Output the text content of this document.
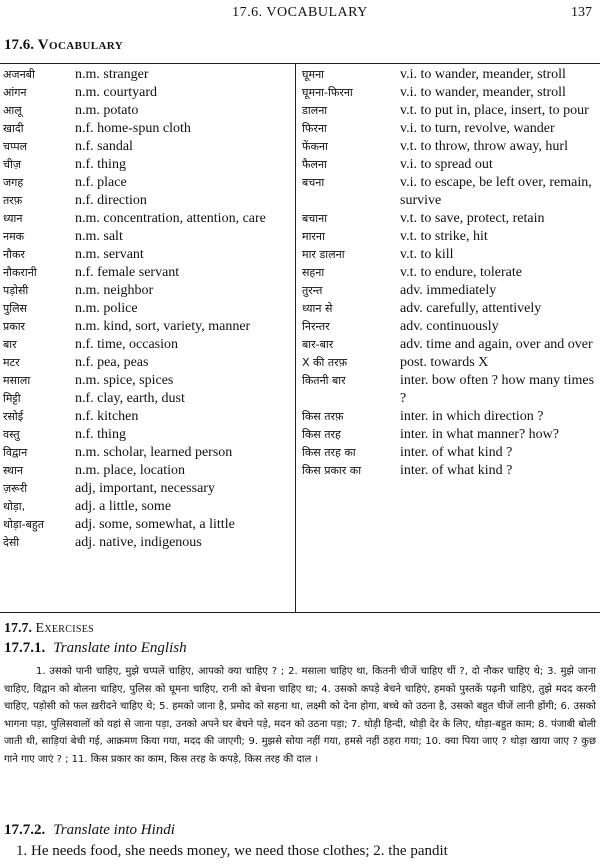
17.6. VOCABULARY	137
17.6. Vocabulary
अजनबी	n.m. stranger
आंगन	n.m. courtyard
आलू	n.m. potato
खादी	n.f. home-spun cloth
चप्पल	n.f. sandal
चीज़	n.f. thing
जगह	n.f. place
तरफ़	n.f. direction
ध्यान	n.m. concentration, attention, care
नमक	n.m. salt
नौकर	n.m. servant
नौकरानी	n.f. female servant
पड़ोसी	n.m. neighbor
पुलिस	n.m. police
प्रकार	n.m. kind, sort, variety, manner
बार	n.f. time, occasion
मटर	n.f. pea, peas
मसाला	n.m. spice, spices
मिट्टी	n.f. clay, earth, dust
रसोई	n.f. kitchen
वस्तु	n.f. thing
विद्वान	n.m. scholar, learned person
स्थान	n.m. place, location
ज़रूरी	adj, important, necessary
थोड़ा,	adj. a little, some
थोड़ा-बहुत adj. some, somewhat, a little
देसी	adj. native, indigenous
घूमना	v.i. to wander, meander, stroll
घूमना-फिरना	v.i. to wander, meander, stroll
डालना	v.t. to put in, place, insert, to pour
फिरना	v.i. to turn, revolve, wander
फेंकना	v.t. to throw, throw away, hurl
फैलना	v.i. to spread out
बचना	v.i. to escape, be left over, remain, survive
बचाना	v.t. to save, protect, retain
मारना	v.t. to strike, hit
मार डालना	v.t. to kill
सहना	v.t. to endure, tolerate
तुरन्त	adv. immediately
ध्यान से	adv. carefully, attentively
निरन्तर	adv. continuously
बार-बार	adv. time and again, over and over
X की तरफ़	post. towards X
कितनी बार	inter. bow often ? how many times ?
किस तरफ़	inter. in which direction ?
किस तरह	inter. in what manner? how?
किस तरह का	inter. of what kind ?
किस प्रकार का	inter. of what kind ?
17.7. Exercises
17.7.1. Translate into English

1. उसको पानी चाहिए, मुझे चप्पलें चाहिए, आपको क्या चाहिए ? ; 2. मसाला चाहिए था, कितनी चीजें चाहिए थीं ?, दो नौकर चाहिए थे; 3. मुझे जाना चाहिए, विद्वान को बोलना चाहिए, पुलिस को घूमना चाहिए, रानी को बेचना चाहिए था; 4. उसको कपड़े बेचने चाहिएं, हमको पुस्तकें पढ़नी चाहिएं, तुझे मदद करनी चाहिए, पड़ोसी को फल ख़रीदने चाहिए थे; 5. हमको जाना है, प्रमोद को सहना था, लक्ष्मी को देना होगा, बच्चे को उठना है, उसको बहुत चीजें लानी होंगी; 6. उसको भागना पड़ा, पुलिसवालों को यहां से जाना पड़ा, उनको अपने घर बेचने पड़े, मदन को उठना पड़ा; 7. थोड़ी हिन्दी, थोड़ी देर के लिए, थोड़ा-बहुत काम; 8. पंजाबी बोली जाती थी, साड़ियां बेची गई, आक्रमण किया गया, मदद की जाएगी; 9. मुझसे सोया नहीं गया, हमसे नहीं ठहरा गया; 10. क्या पिया जाए ? थोड़ा खाया जाए ? कुछ गाने गाए जाएं ? ; 11. किस प्रकार का काम, किस तरह के कपड़े, किस तरह की दाल ।

17.7.2. Translate into Hindi

1. He needs food, she needs money, we need those clothes; 2. the pandit
